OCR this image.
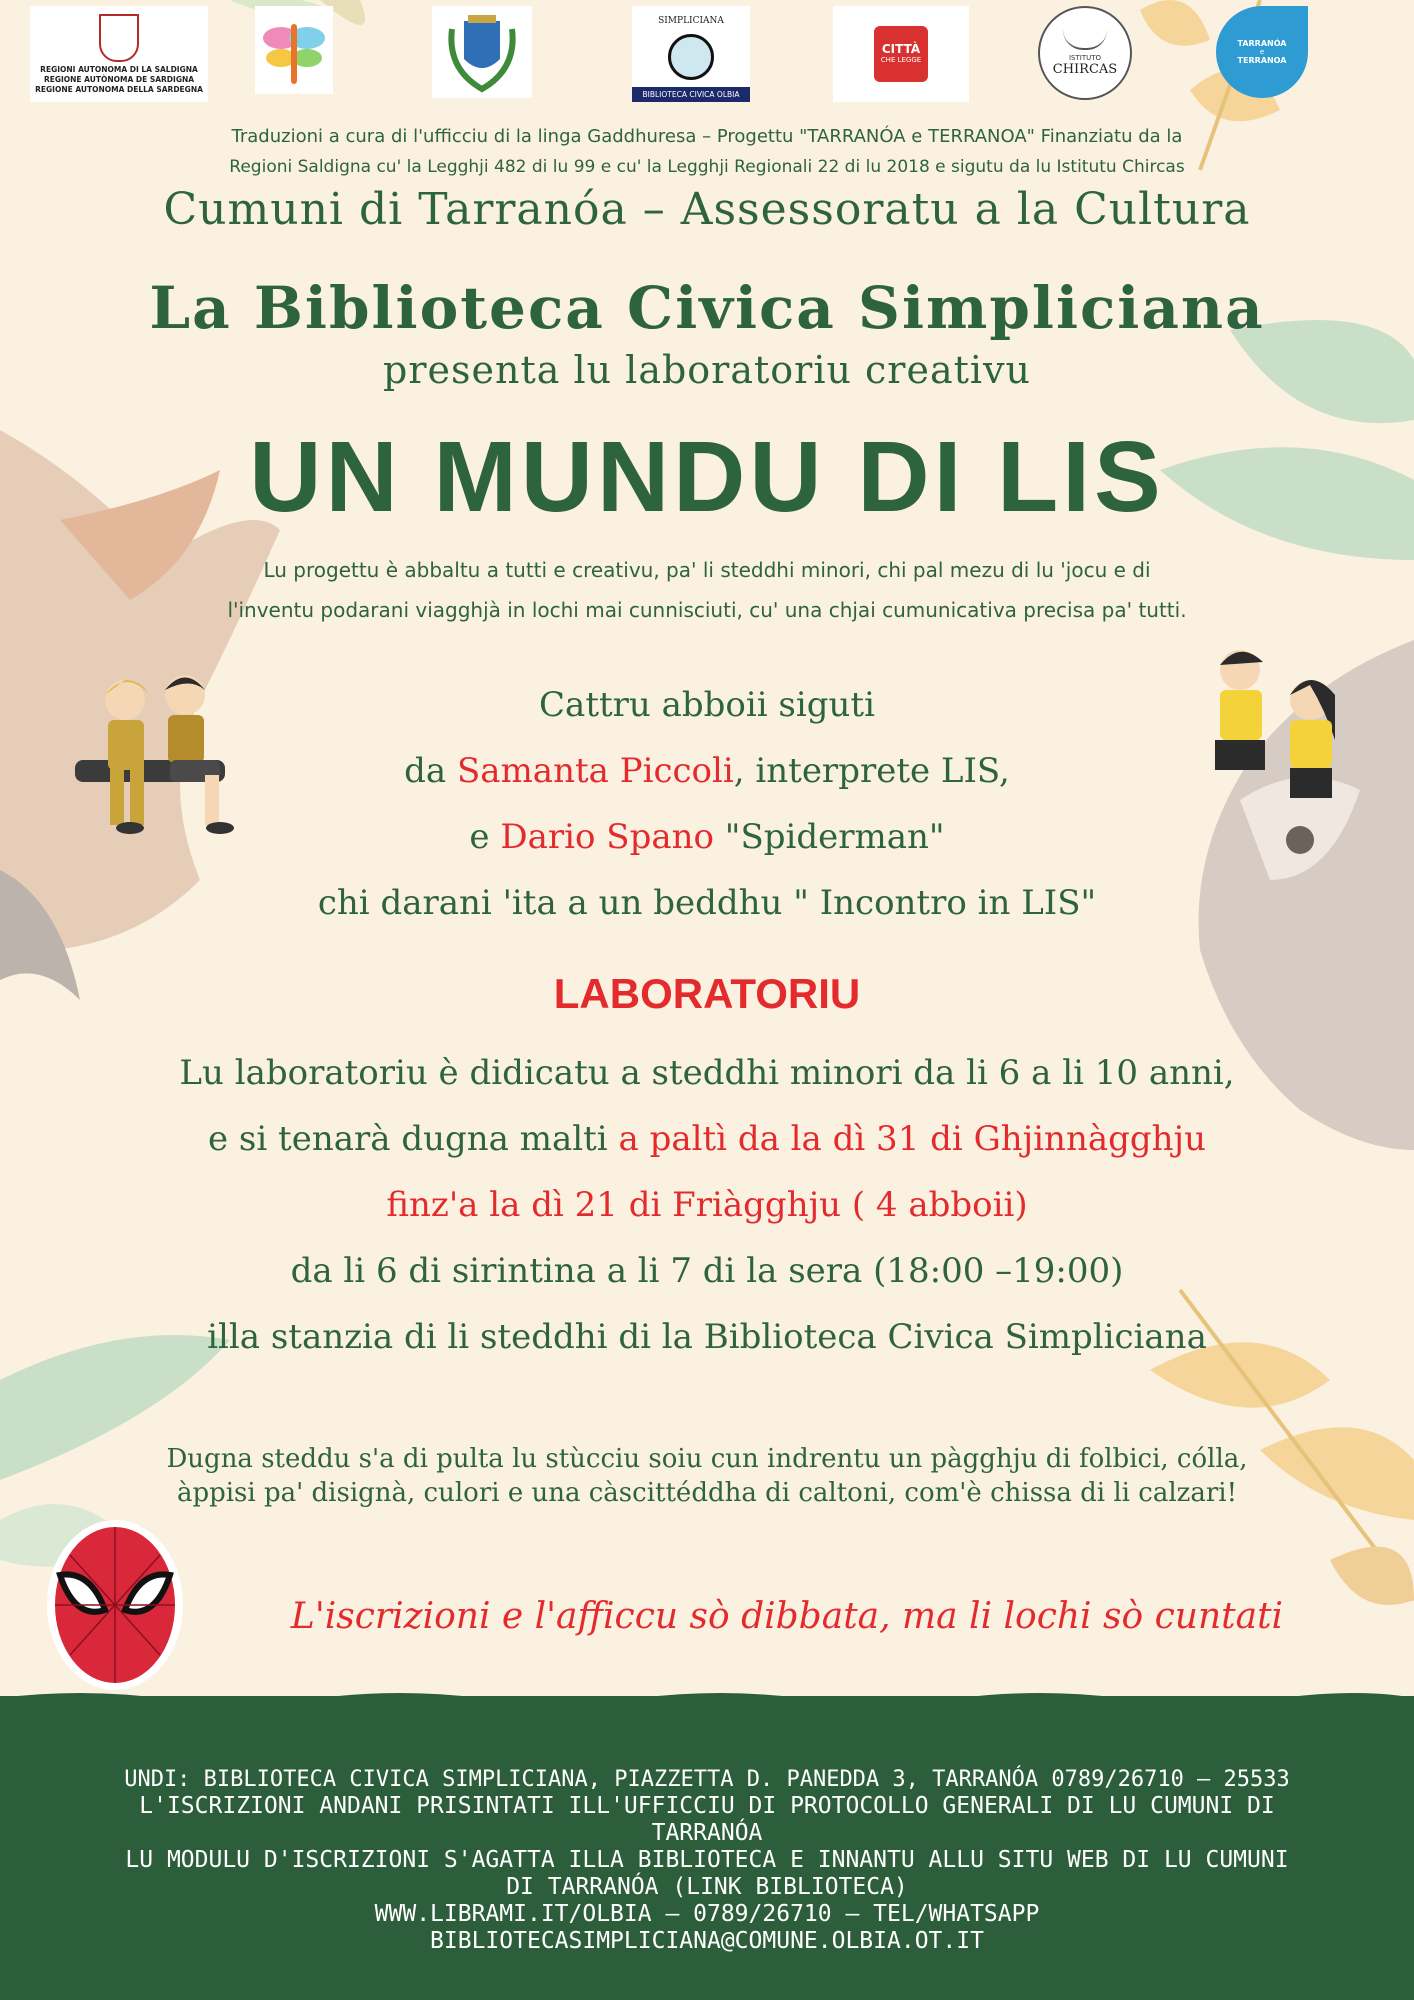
REGIONI AUTONOMA DI LA SALDIGNA
REGIONE AUTÒNOMA DE SARDIGNA
REGIONE AUTONOMA DELLA SARDEGNA
SIMPLICIANA
BIBLIOTECA CIVICA OLBIA
CITTÀ
CHE LEGGE	ISTITUTO
CHIRCAS
TARRANÓA
e
TERRANOA
Traduzioni a cura di l'ufficciu di la linga Gaddhuresa – Progettu "TARRANÓA e TERRANOA" Finanziatu da la
Regioni Saldigna cu' la Legghji 482 di lu 99 e cu' la Legghji Regionali 22 di lu 2018 e sigutu da lu Istitutu Chircas
Cumuni di Tarranóa – Assessoratu a la Cultura
La Biblioteca Civica Simpliciana
presenta lu laboratoriu creativu
UN MUNDU DI LIS
Lu progettu è abbaltu a tutti e creativu, pa' li steddhi minori, chi pal mezu di lu 'jocu e di
l'inventu podarani viagghjà in lochi mai cunnisciuti, cu' una chjai cumunicativa precisa pa' tutti.
Cattru abboii siguti
da Samanta Piccoli, interprete LIS,
e Dario Spano "Spiderman"
chi darani 'ita a un beddhu " Incontro in LIS"
LABORATORIU
Lu laboratoriu è didicatu a steddhi minori da li 6 a li 10 anni,
e si tenarà dugna malti a paltì da la dì 31 di Ghjinnàgghju
finz'a la dì 21 di Friàgghju ( 4 abboii)
da li 6 di sirintina a li 7 di la sera (18:00 –19:00)
illa stanzia di li steddhi di la Biblioteca Civica Simpliciana
Dugna steddu s'a di pulta lu stùcciu soiu cun indrentu un pàgghju di folbici, cólla,
àppisi pa' disignà, culori e una càscittéddha di caltoni, com'è chissa di li calzari!
L'iscrizioni e l'afficcu sò dibbata, ma li lochi sò cuntati
UNDI: BIBLIOTECA CIVICA SIMPLICIANA, PIAZZETTA D. PANEDDA 3, TARRANÓA 0789/26710 – 25533
L'ISCRIZIONI ANDANI PRISINTATI ILL'UFFICCIU DI PROTOCOLLO GENERALI DI LU CUMUNI DI
TARRANÓA
LU MODULU D'ISCRIZIONI S'AGATTA ILLA BIBLIOTECA E INNANTU ALLU SITU WEB DI LU CUMUNI
DI TARRANÓA (LINK BIBLIOTECA)
WWW.LIBRAMI.IT/OLBIA – 0789/26710 – TEL/WHATSAPP
BIBLIOTECASIMPLICIANA@COMUNE.OLBIA.OT.IT
